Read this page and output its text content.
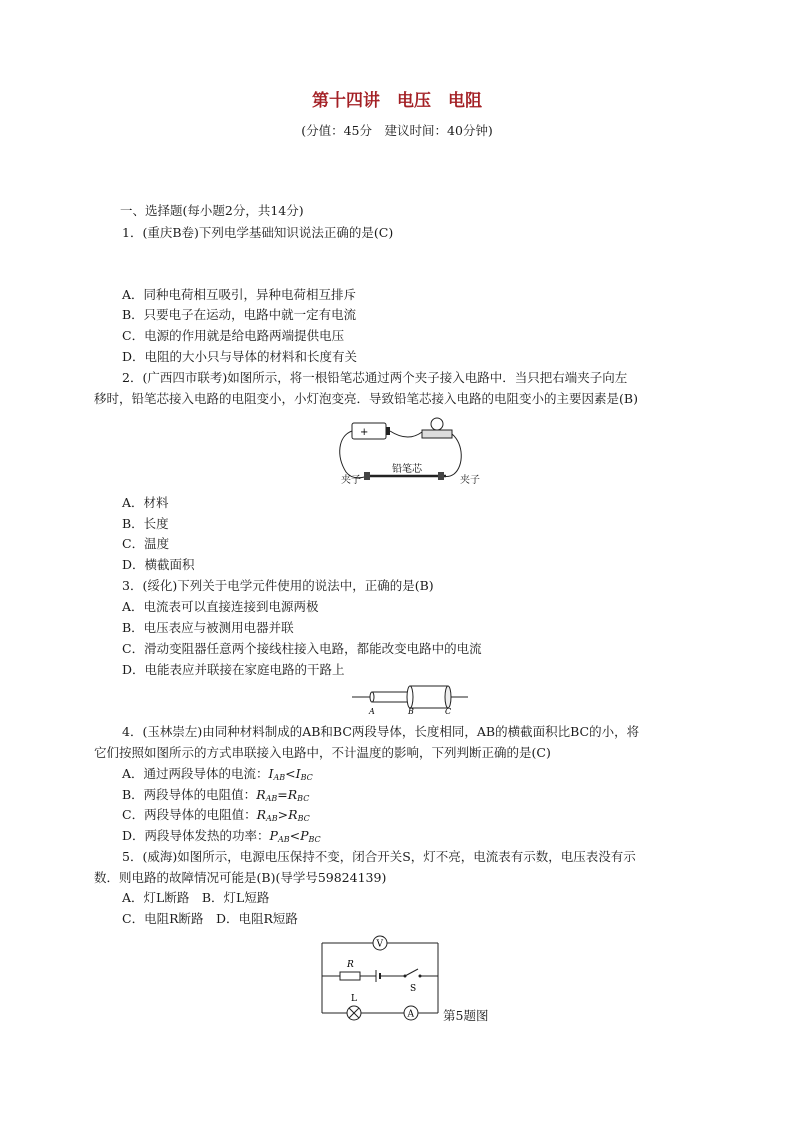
第十四讲　电压　电阻
(分值：45分　建议时间：40分钟)
一、选择题(每小题2分，共14分)
1．(重庆B卷)下列电学基础知识说法正确的是(C)
A．同种电荷相互吸引，异种电荷相互排斥
B．只要电子在运动，电路中就一定有电流
C．电源的作用就是给电路两端提供电压
D．电阻的大小只与导体的材料和长度有关
2．(广西四市联考)如图所示，将一根铅笔芯通过两个夹子接入电路中．当只把右端夹子向左
移时，铅笔芯接入电路的电阻变小，小灯泡变亮．导致铅笔芯接入电路的电阻变小的主要因素是(B)
+
铅笔芯
夹子	夹子
A．材料
B．长度
C．温度
D．横截面积
3．(绥化)下列关于电学元件使用的说法中，正确的是(B)
A．电流表可以直接连接到电源两极
B．电压表应与被测用电器并联
C．滑动变阻器任意两个接线柱接入电路，都能改变电路中的电流
D．电能表应并联接在家庭电路的干路上
A	B	C
4．(玉林崇左)由同种材料制成的AB和BC两段导体，长度相同，AB的横截面积比BC的小，将
它们按照如图所示的方式串联接入电路中，不计温度的影响，下列判断正确的是(C)
A．通过两段导体的电流：$I_{AB}<I_{BC}$
B．两段导体的电阻值：$R_{AB}=R_{BC}$
C．两段导体的电阻值：$R_{AB}>R_{BC}$
D．两段导体发热的功率：$P_{AB}<P_{BC}$
5．(威海)如图所示，电源电压保持不变，闭合开关S，灯不亮，电流表有示数，电压表没有示
数．则电路的故障情况可能是(B)(导学号59824139)
A．灯L断路　B．灯L短路
C．电阻R断路　D．电阻R短路
V
R
S
L
A 第5题图
